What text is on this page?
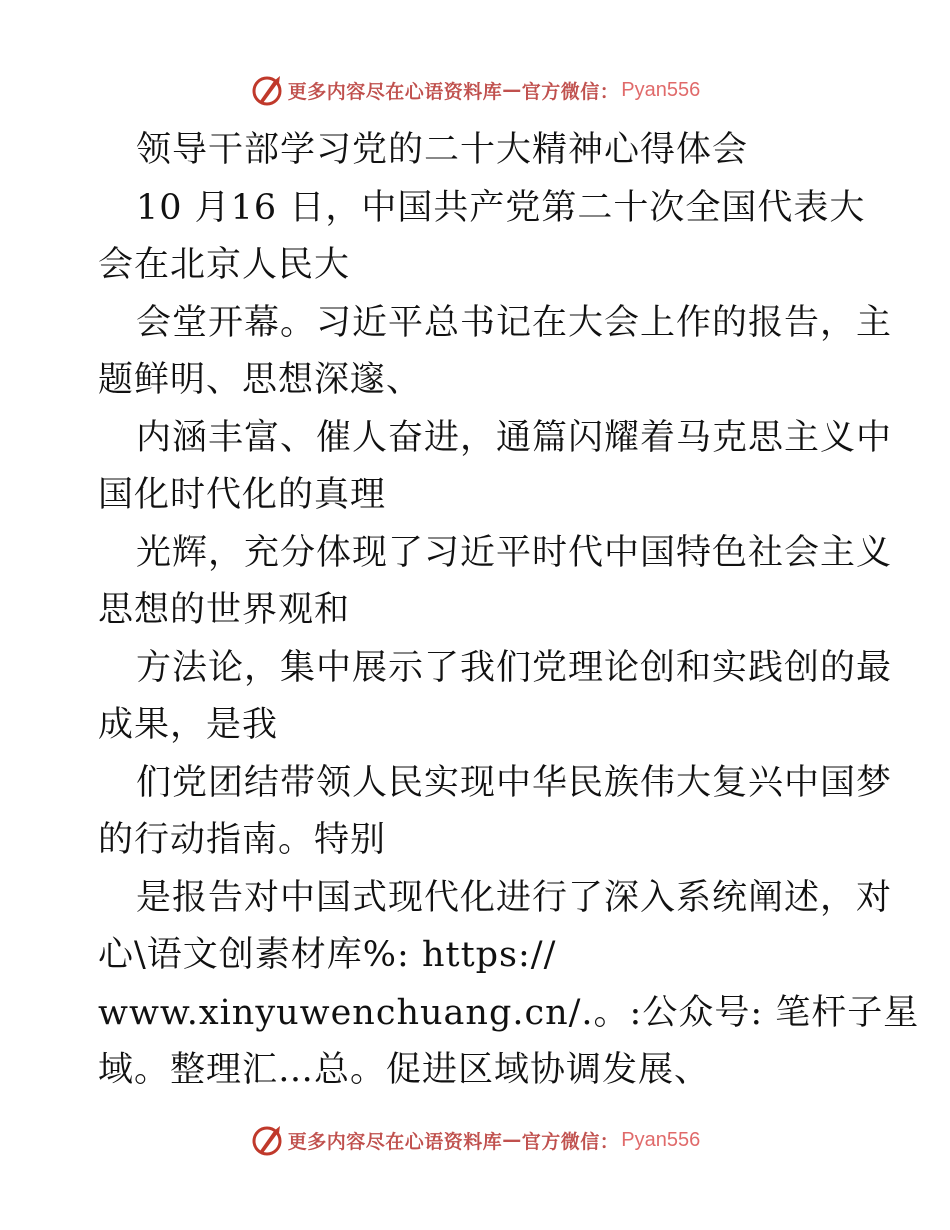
更多内容尽在心语资料库 — 官方微信： Pyan556
领导干部学习党的二十大精神心得体会
10 月16 日，中国共产党第二十次全国代表大
会在北京人民大
会堂开幕。习近平总书记在大会上作的报告，主
题鲜明、思想深邃、
内涵丰富、催人奋进，通篇闪耀着马克思主义中
国化时代化的真理
光辉，充分体现了习近平时代中国特色社会主义
思想的世界观和
方法论，集中展示了我们党理论创和实践创的最
成果，是我
们党团结带领人民实现中华民族伟大复兴中国梦
的行动指南。特别
是报告对中国式现代化进行了深入系统阐述，对
心\语文创素材库%: https://
www.xinyuwenchuang.cn/.。:公众号: 笔杆子星
域。整理汇…总。促进区域协调发展、
更多内容尽在心语资料库 — 官方微信： Pyan556
